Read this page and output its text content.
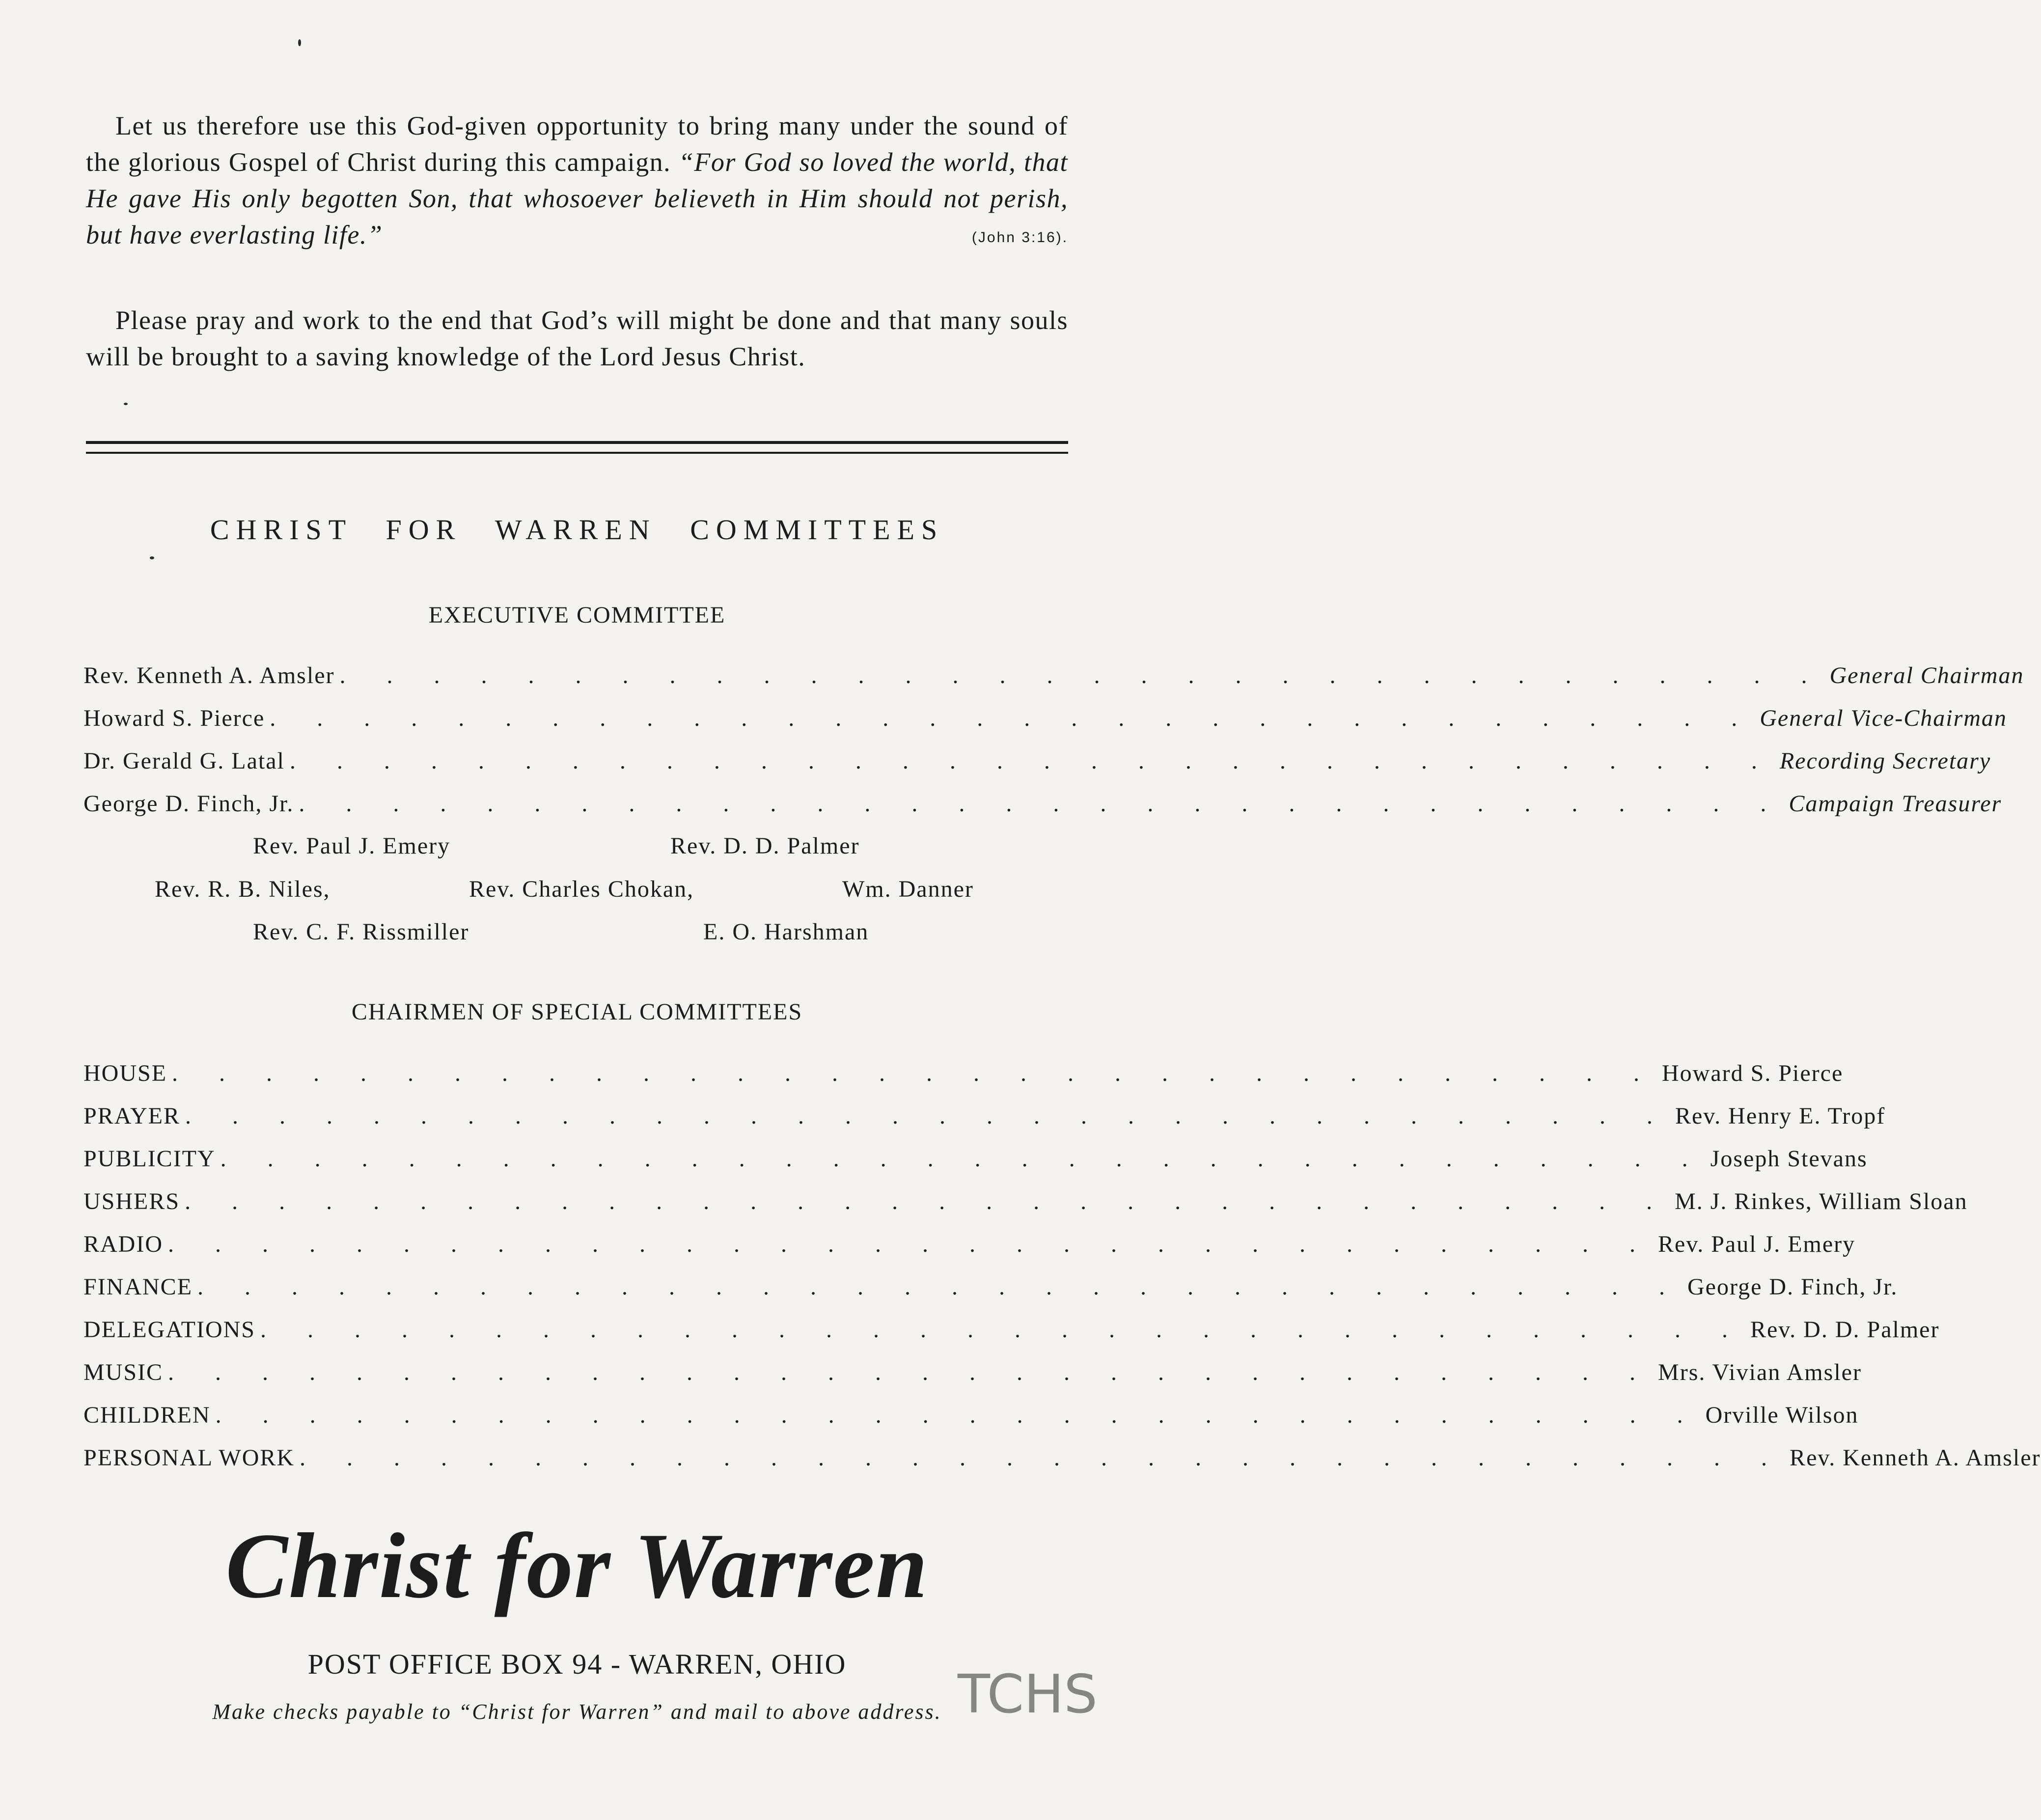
Let us therefore use this God-given opportunity to bring many under the sound of the glorious Gospel of Christ during this campaign. “For God so loved the world, that He gave His only begotten Son, that whosoever believeth in Him should not perish, but have everlasting life.”	(John 3:16).

Please pray and work to the end that God’s will might be done and that many souls will be brought to a saving knowledge of the Lord Jesus Christ.

CHRIST FOR WARREN COMMITTEES
EXECUTIVE COMMITTEE
Rev. Kenneth A. Amsler . . . . . . . . . . . . . . . . . . . . . . . . . . . . . . . . General Chairman
Howard S. Pierce . . . . . . . . . . . . . . . . . . . . . . . . . . . . . . . . General Vice-Chairman
Dr. Gerald G. Latal . . . . . . . . . . . . . . . . . . . . . . . . . . . . . . . . Recording Secretary
George D. Finch, Jr. . . . . . . . . . . . . . . . . . . . . . . . . . . . . . . . . Campaign Treasurer
Rev. Paul J. Emery	Rev. D. D. Palmer
Rev. R. B. Niles,	Rev. Charles Chokan,	Wm. Danner
Rev. C. F. Rissmiller	E. O. Harshman
CHAIRMEN OF SPECIAL COMMITTEES
HOUSE . . . . . . . . . . . . . . . . . . . . . . . . . . . . . . . . Howard S. Pierce
PRAYER . . . . . . . . . . . . . . . . . . . . . . . . . . . . . . . . Rev. Henry E. Tropf
PUBLICITY . . . . . . . . . . . . . . . . . . . . . . . . . . . . . . . . Joseph Stevans
USHERS . . . . . . . . . . . . . . . . . . . . . . . . . . . . . . . . M. J. Rinkes, William Sloan
RADIO . . . . . . . . . . . . . . . . . . . . . . . . . . . . . . . . Rev. Paul J. Emery
FINANCE . . . . . . . . . . . . . . . . . . . . . . . . . . . . . . . . George D. Finch, Jr.
DELEGATIONS . . . . . . . . . . . . . . . . . . . . . . . . . . . . . . . . Rev. D. D. Palmer
MUSIC . . . . . . . . . . . . . . . . . . . . . . . . . . . . . . . . Mrs. Vivian Amsler
CHILDREN . . . . . . . . . . . . . . . . . . . . . . . . . . . . . . . . Orville Wilson
PERSONAL WORK . . . . . . . . . . . . . . . . . . . . . . . . . . . . . . . . Rev. Kenneth A. Amsler
Christ for Warren
POST OFFICE BOX 94 - WARREN, OHIO
Make checks payable to “Christ for Warren” and mail to above address. TCHS
